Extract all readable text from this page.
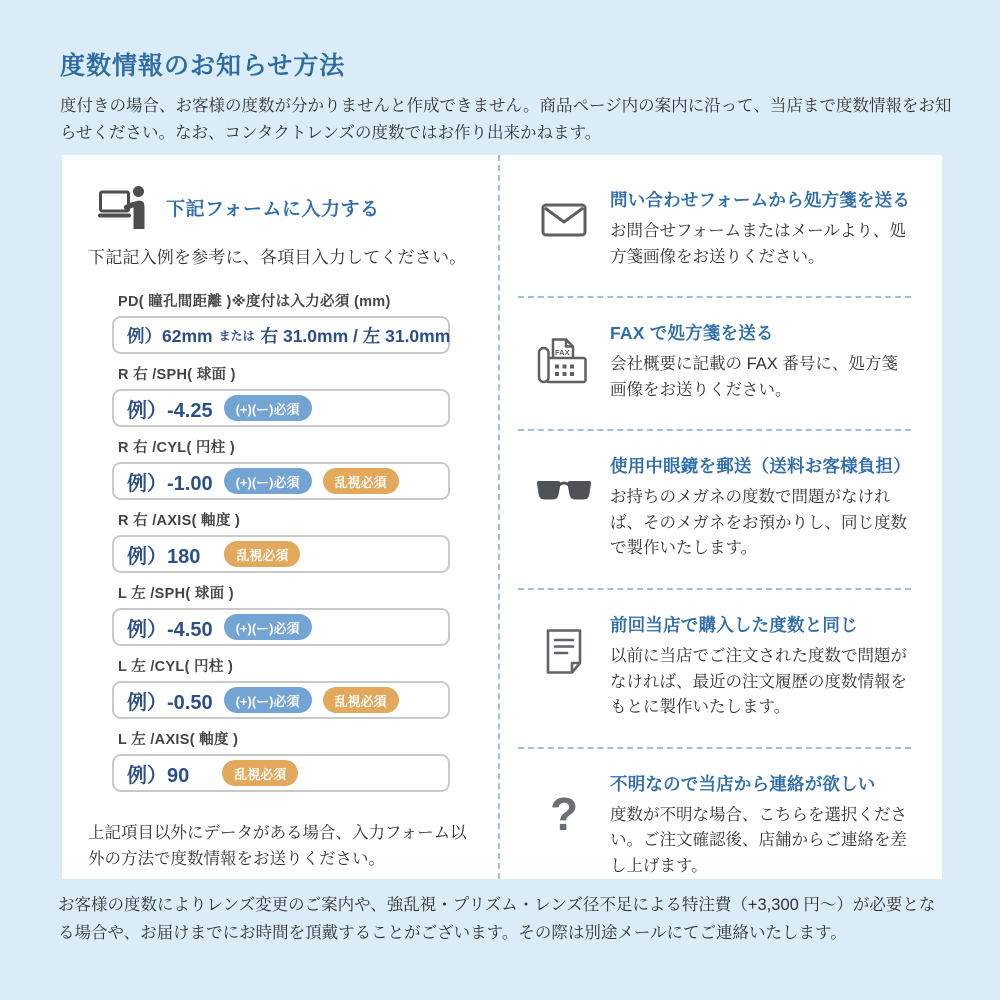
度数情報のお知らせ方法

度付きの場合、お客様の度数が分かりませんと作成できません。商品ページ内の案内に沿って、当店まで度数情報をお知らせください。なお、コンタクトレンズの度数ではお作り出来かねます。

下記フォームに入力する

下記記入例を参考に、各項目入力してください。

PD( 瞳孔間距離 )※度付は入力必須 (mm)
例）62mm または 右 31.0mm / 左 31.0mm
R 右 /SPH( 球面 )
例）-4.25	(+)(ー)必須
R 右 /CYL( 円柱 )
例）-1.00	(+)(ー)必須	乱視必須
R 右 /AXIS( 軸度 )
例）180	乱視必須
L 左 /SPH( 球面 )
例）-4.50	(+)(ー)必須
L 左 /CYL( 円柱 )
例）-0.50	(+)(ー)必須	乱視必須
L 左 /AXIS( 軸度 )
例）90	乱視必須

上記項目以外にデータがある場合、入力フォーム以外の方法で度数情報をお送りください。

問い合わせフォームから処方箋を送る
お問合せフォームまたはメールより、処方箋画像をお送りください。
FAX
FAX で処方箋を送る
会社概要に記載の FAX 番号に、処方箋画像をお送りください。
使用中眼鏡を郵送（送料お客様負担）
お持ちのメガネの度数で問題がなければ、そのメガネをお預かりし、同じ度数で製作いたします。
前回当店で購入した度数と同じ
以前に当店でご注文された度数で問題がなければ、最近の注文履歴の度数情報をもとに製作いたします。
?
不明なので当店から連絡が欲しい
度数が不明な場合、こちらを選択ください。ご注文確認後、店舗からご連絡を差し上げます。

お客様の度数によりレンズ変更のご案内や、強乱視・プリズム・レンズ径不足による特注費（+3,300 円～）が必要となる場合や、お届けまでにお時間を頂戴することがございます。その際は別途メールにてご連絡いたします。
